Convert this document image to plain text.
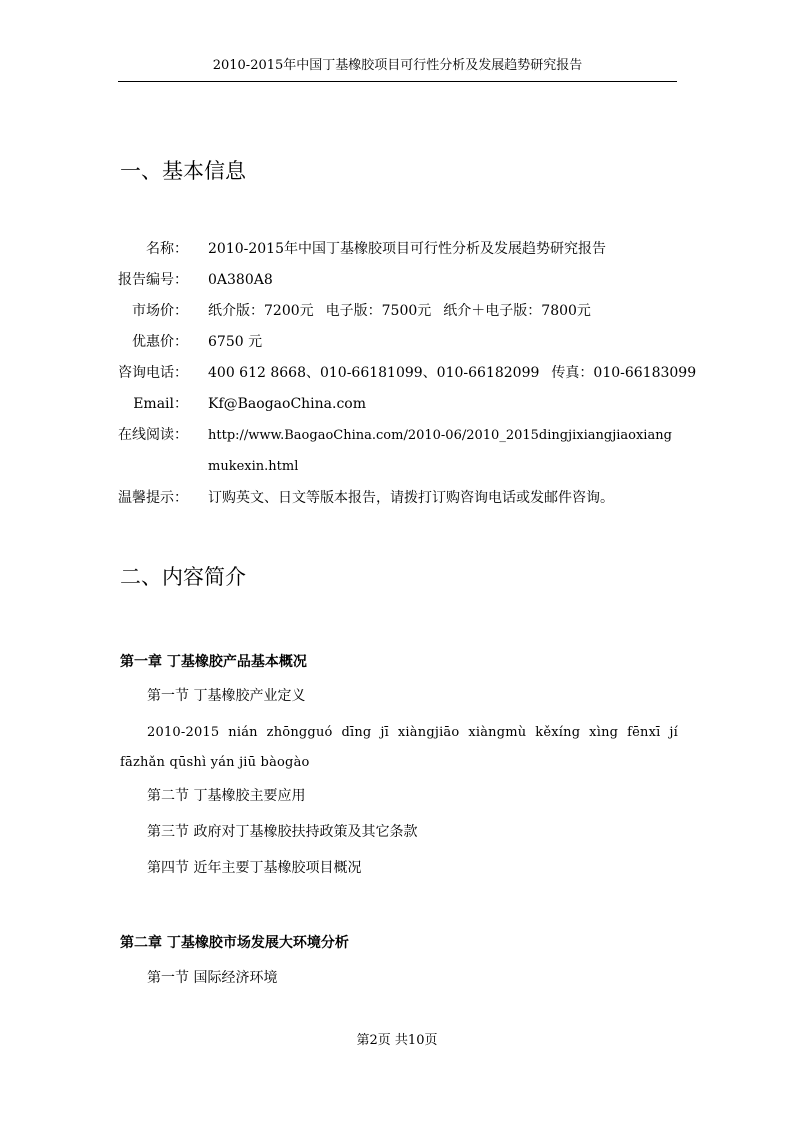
2010-2015年中国丁基橡胶项目可行性分析及发展趋势研究报告
一、基本信息
名称： 2010-2015年中国丁基橡胶项目可行性分析及发展趋势研究报告
报告编号： 0A380A8
市场价： 纸介版：7200元 电子版：7500元 纸介＋电子版：7800元
优惠价： 6750 元
咨询电话： 400 612 8668、010-66181099、010-66182099 传真：010-66183099
Email： Kf@BaogaoChina.com
在线阅读： http://www.BaogaoChina.com/2010-06/2010_2015dingjixiangjiaoxiangmukexin.html
温馨提示： 订购英文、日文等版本报告，请拨打订购咨询电话或发邮件咨询。
二、内容简介
第一章 丁基橡胶产品基本概况
第一节 丁基橡胶产业定义
2010-2015 nián zhōngguó dīng jī xiàngjiāo xiàngmù kěxíng xìng fēnxī jí fāzhǎn qūshì yán jiū bàogào
第二节 丁基橡胶主要应用
第三节 政府对丁基橡胶扶持政策及其它条款
第四节 近年主要丁基橡胶项目概况
第二章 丁基橡胶市场发展大环境分析
第一节 国际经济环境
第2页 共10页
